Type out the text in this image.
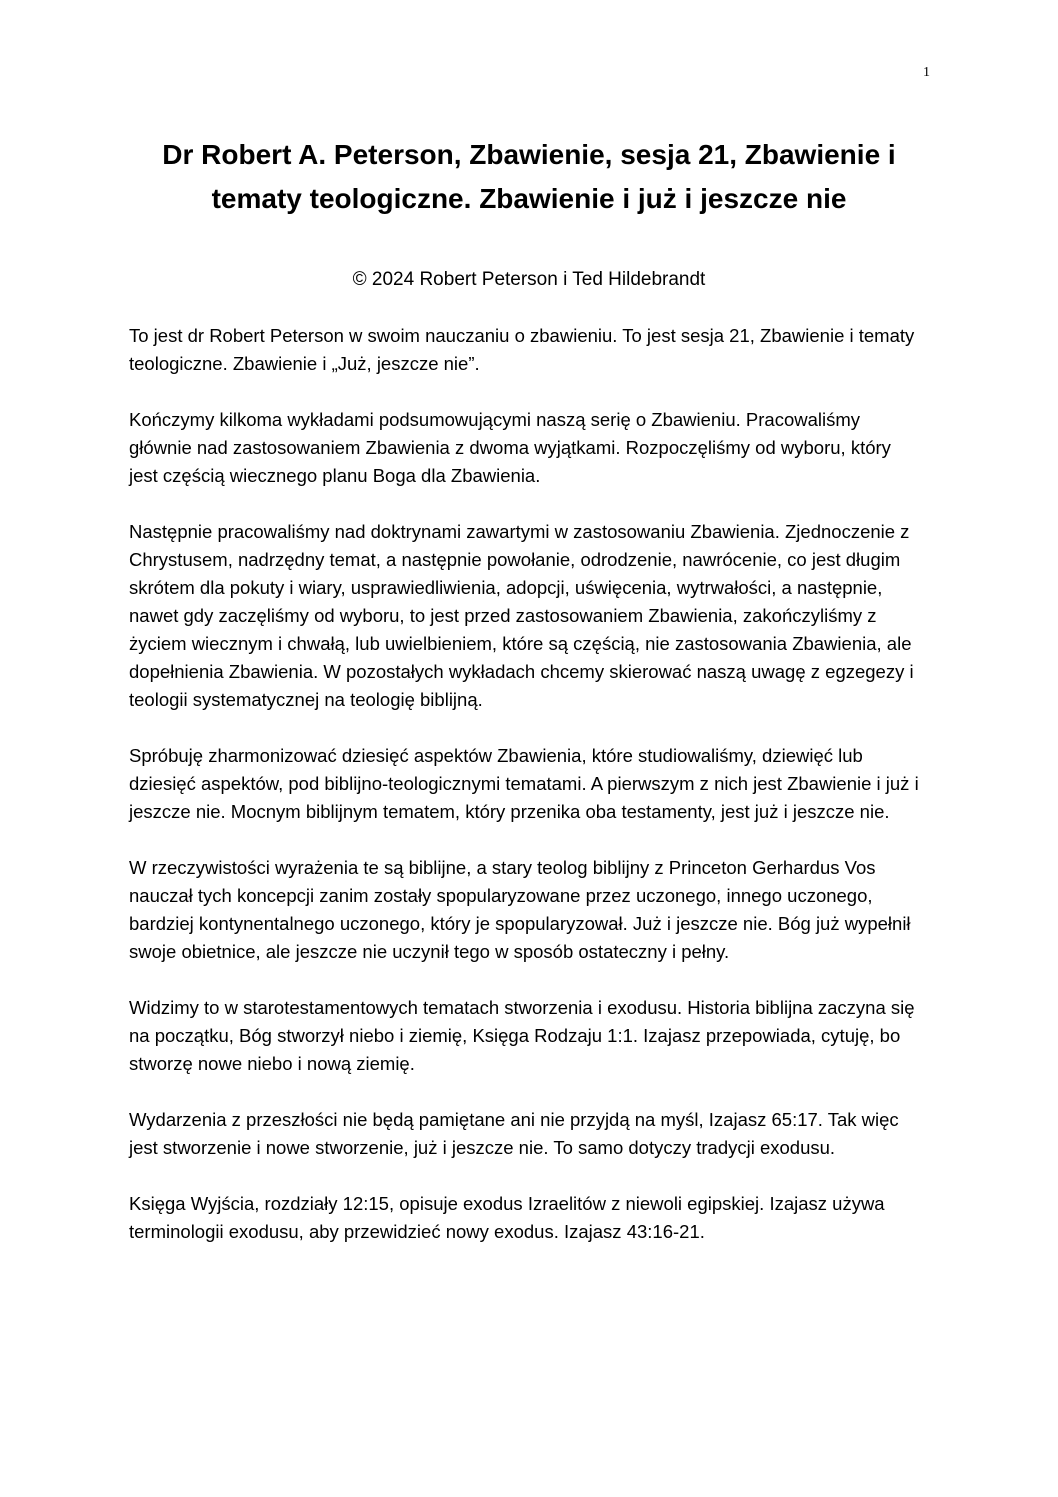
1
Dr Robert A. Peterson, Zbawienie, sesja 21, Zbawienie i tematy teologiczne. Zbawienie i już i jeszcze nie

© 2024 Robert Peterson i Ted Hildebrandt

To jest dr Robert Peterson w swoim nauczaniu o zbawieniu. To jest sesja 21, Zbawienie i tematy teologiczne. Zbawienie i „Już, jeszcze nie”.

Kończymy kilkoma wykładami podsumowującymi naszą serię o Zbawieniu. Pracowaliśmy głównie nad zastosowaniem Zbawienia z dwoma wyjątkami. Rozpoczęliśmy od wyboru, który jest częścią wiecznego planu Boga dla Zbawienia.

Następnie pracowaliśmy nad doktrynami zawartymi w zastosowaniu Zbawienia. Zjednoczenie z Chrystusem, nadrzędny temat, a następnie powołanie, odrodzenie, nawrócenie, co jest długim skrótem dla pokuty i wiary, usprawiedliwienia, adopcji, uświęcenia, wytrwałości, a następnie, nawet gdy zaczęliśmy od wyboru, to jest przed zastosowaniem Zbawienia, zakończyliśmy z życiem wiecznym i chwałą, lub uwielbieniem, które są częścią, nie zastosowania Zbawienia, ale dopełnienia Zbawienia. W pozostałych wykładach chcemy skierować naszą uwagę z egzegezy i teologii systematycznej na teologię biblijną.

Spróbuję zharmonizować dziesięć aspektów Zbawienia, które studiowaliśmy, dziewięć lub dziesięć aspektów, pod biblijno-teologicznymi tematami. A pierwszym z nich jest Zbawienie i już i jeszcze nie. Mocnym biblijnym tematem, który przenika oba testamenty, jest już i jeszcze nie.

W rzeczywistości wyrażenia te są biblijne, a stary teolog biblijny z Princeton Gerhardus Vos nauczał tych koncepcji zanim zostały spopularyzowane przez uczonego, innego uczonego, bardziej kontynentalnego uczonego, który je spopularyzował. Już i jeszcze nie. Bóg już wypełnił swoje obietnice, ale jeszcze nie uczynił tego w sposób ostateczny i pełny.

Widzimy to w starotestamentowych tematach stworzenia i exodusu. Historia biblijna zaczyna się na początku, Bóg stworzył niebo i ziemię, Księga Rodzaju 1:1. Izajasz przepowiada, cytuję, bo stworzę nowe niebo i nową ziemię.

Wydarzenia z przeszłości nie będą pamiętane ani nie przyjdą na myśl, Izajasz 65:17. Tak więc jest stworzenie i nowe stworzenie, już i jeszcze nie. To samo dotyczy tradycji exodusu.

Księga Wyjścia, rozdziały 12:15, opisuje exodus Izraelitów z niewoli egipskiej. Izajasz używa terminologii exodusu, aby przewidzieć nowy exodus. Izajasz 43:16-21.
